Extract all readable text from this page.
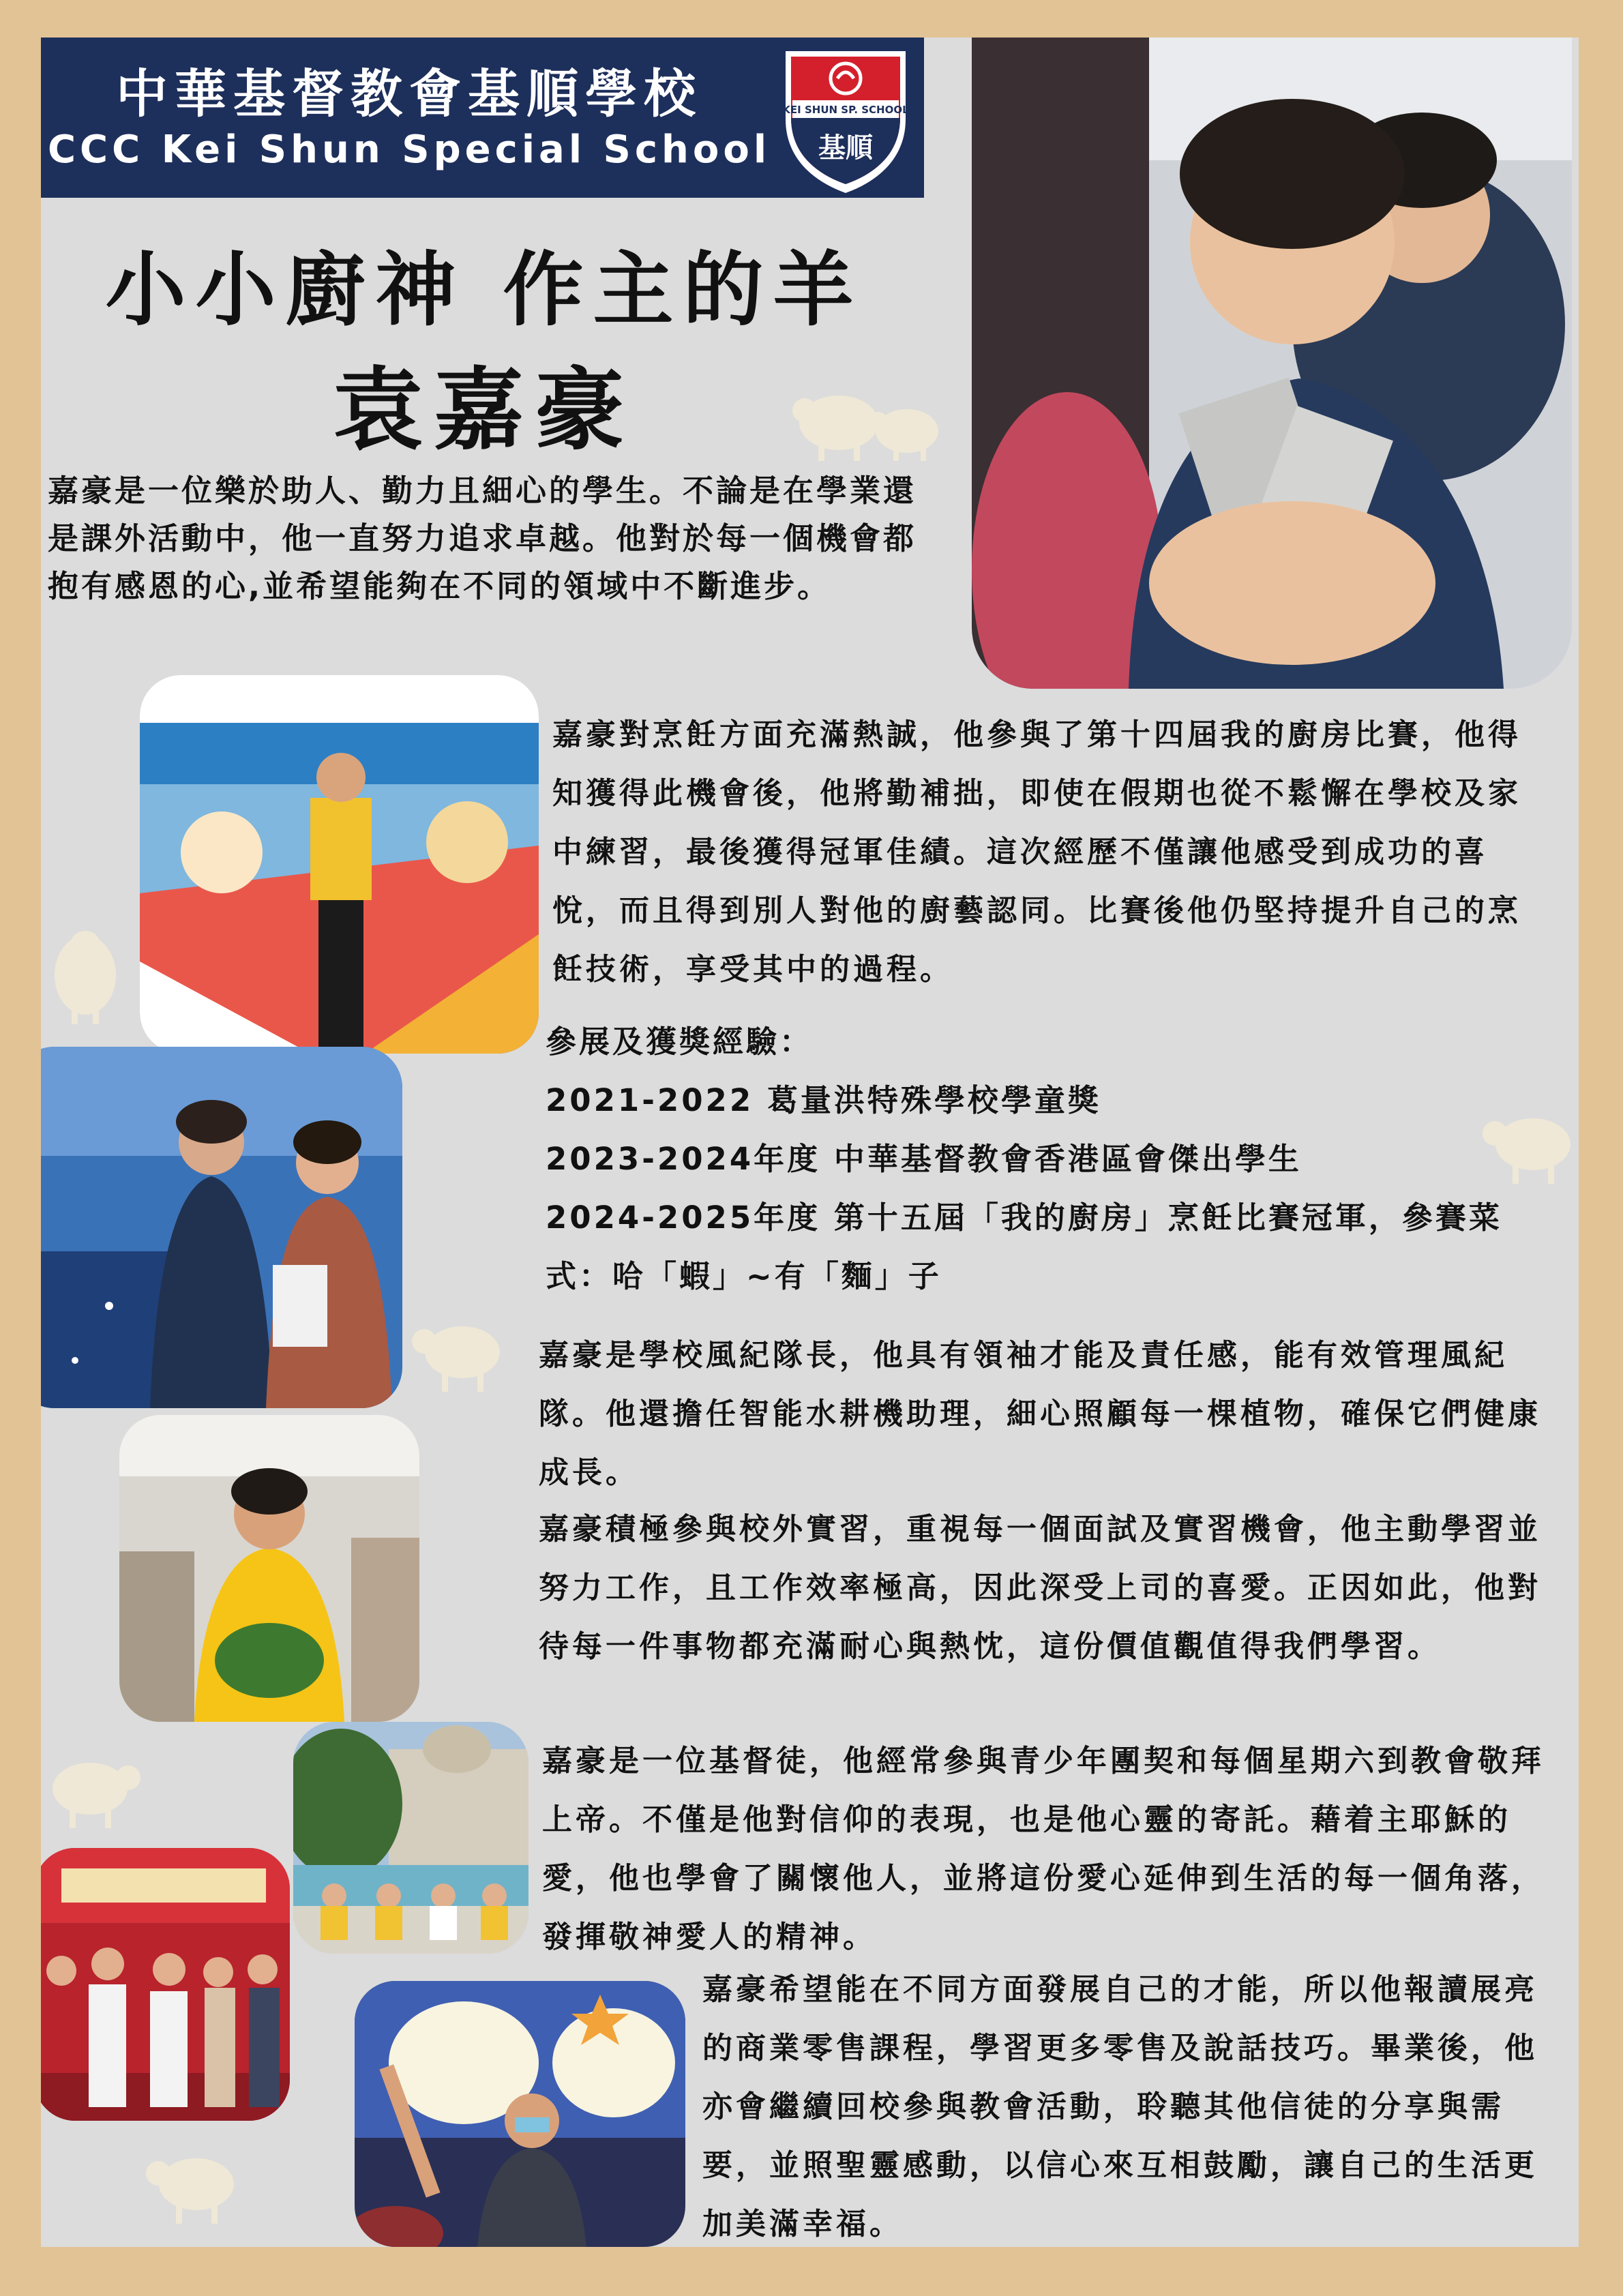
中華基督教會基順學校
CCC Kei Shun Special School
KEI SHUN SP. SCHOOL
基順
小小廚神 作主的羊
袁嘉豪

嘉豪是一位樂於助人、勤力且細心的學生。不論是在學業還是課外活動中，他一直努力追求卓越。他對於每一個機會都抱有感恩的心,並希望能夠在不同的領域中不斷進步。

嘉豪對烹飪方面充滿熱誠，他參與了第十四屆我的廚房比賽，他得知獲得此機會後，他將勤補拙，即使在假期也從不鬆懈在學校及家中練習，最後獲得冠軍佳績。這次經歷不僅讓他感受到成功的喜悅，而且得到別人對他的廚藝認同。比賽後他仍堅持提升自己的烹飪技術，享受其中的過程。

參展及獲獎經驗：
2021-2022 葛量洪特殊學校學童獎
2023-2024年度 中華基督教會香港區會傑出學生
2024-2025年度 第十五屆「我的廚房」烹飪比賽冠軍，參賽菜
式：哈「蝦」~有「麵」子

嘉豪是學校風紀隊長，他具有領袖才能及責任感，能有效管理風紀隊。他還擔任智能水耕機助理，細心照顧每一棵植物，確保它們健康成長。

嘉豪積極參與校外實習，重視每一個面試及實習機會，他主動學習並努力工作，且工作效率極高，因此深受上司的喜愛。正因如此，他對待每一件事物都充滿耐心與熱忱，這份價值觀值得我們學習。

嘉豪是一位基督徒，他經常參與青少年團契和每個星期六到教會敬拜上帝。不僅是他對信仰的表現，也是他心靈的寄託。藉着主耶穌的愛，他也學會了關懷他人，並將這份愛心延伸到生活的每一個角落，發揮敬神愛人的精神。

嘉豪希望能在不同方面發展自己的才能，所以他報讀展亮的商業零售課程，學習更多零售及說話技巧。畢業後，他亦會繼續回校參與教會活動，聆聽其他信徒的分享與需要，並照聖靈感動，以信心來互相鼓勵，讓自己的生活更加美滿幸福。
